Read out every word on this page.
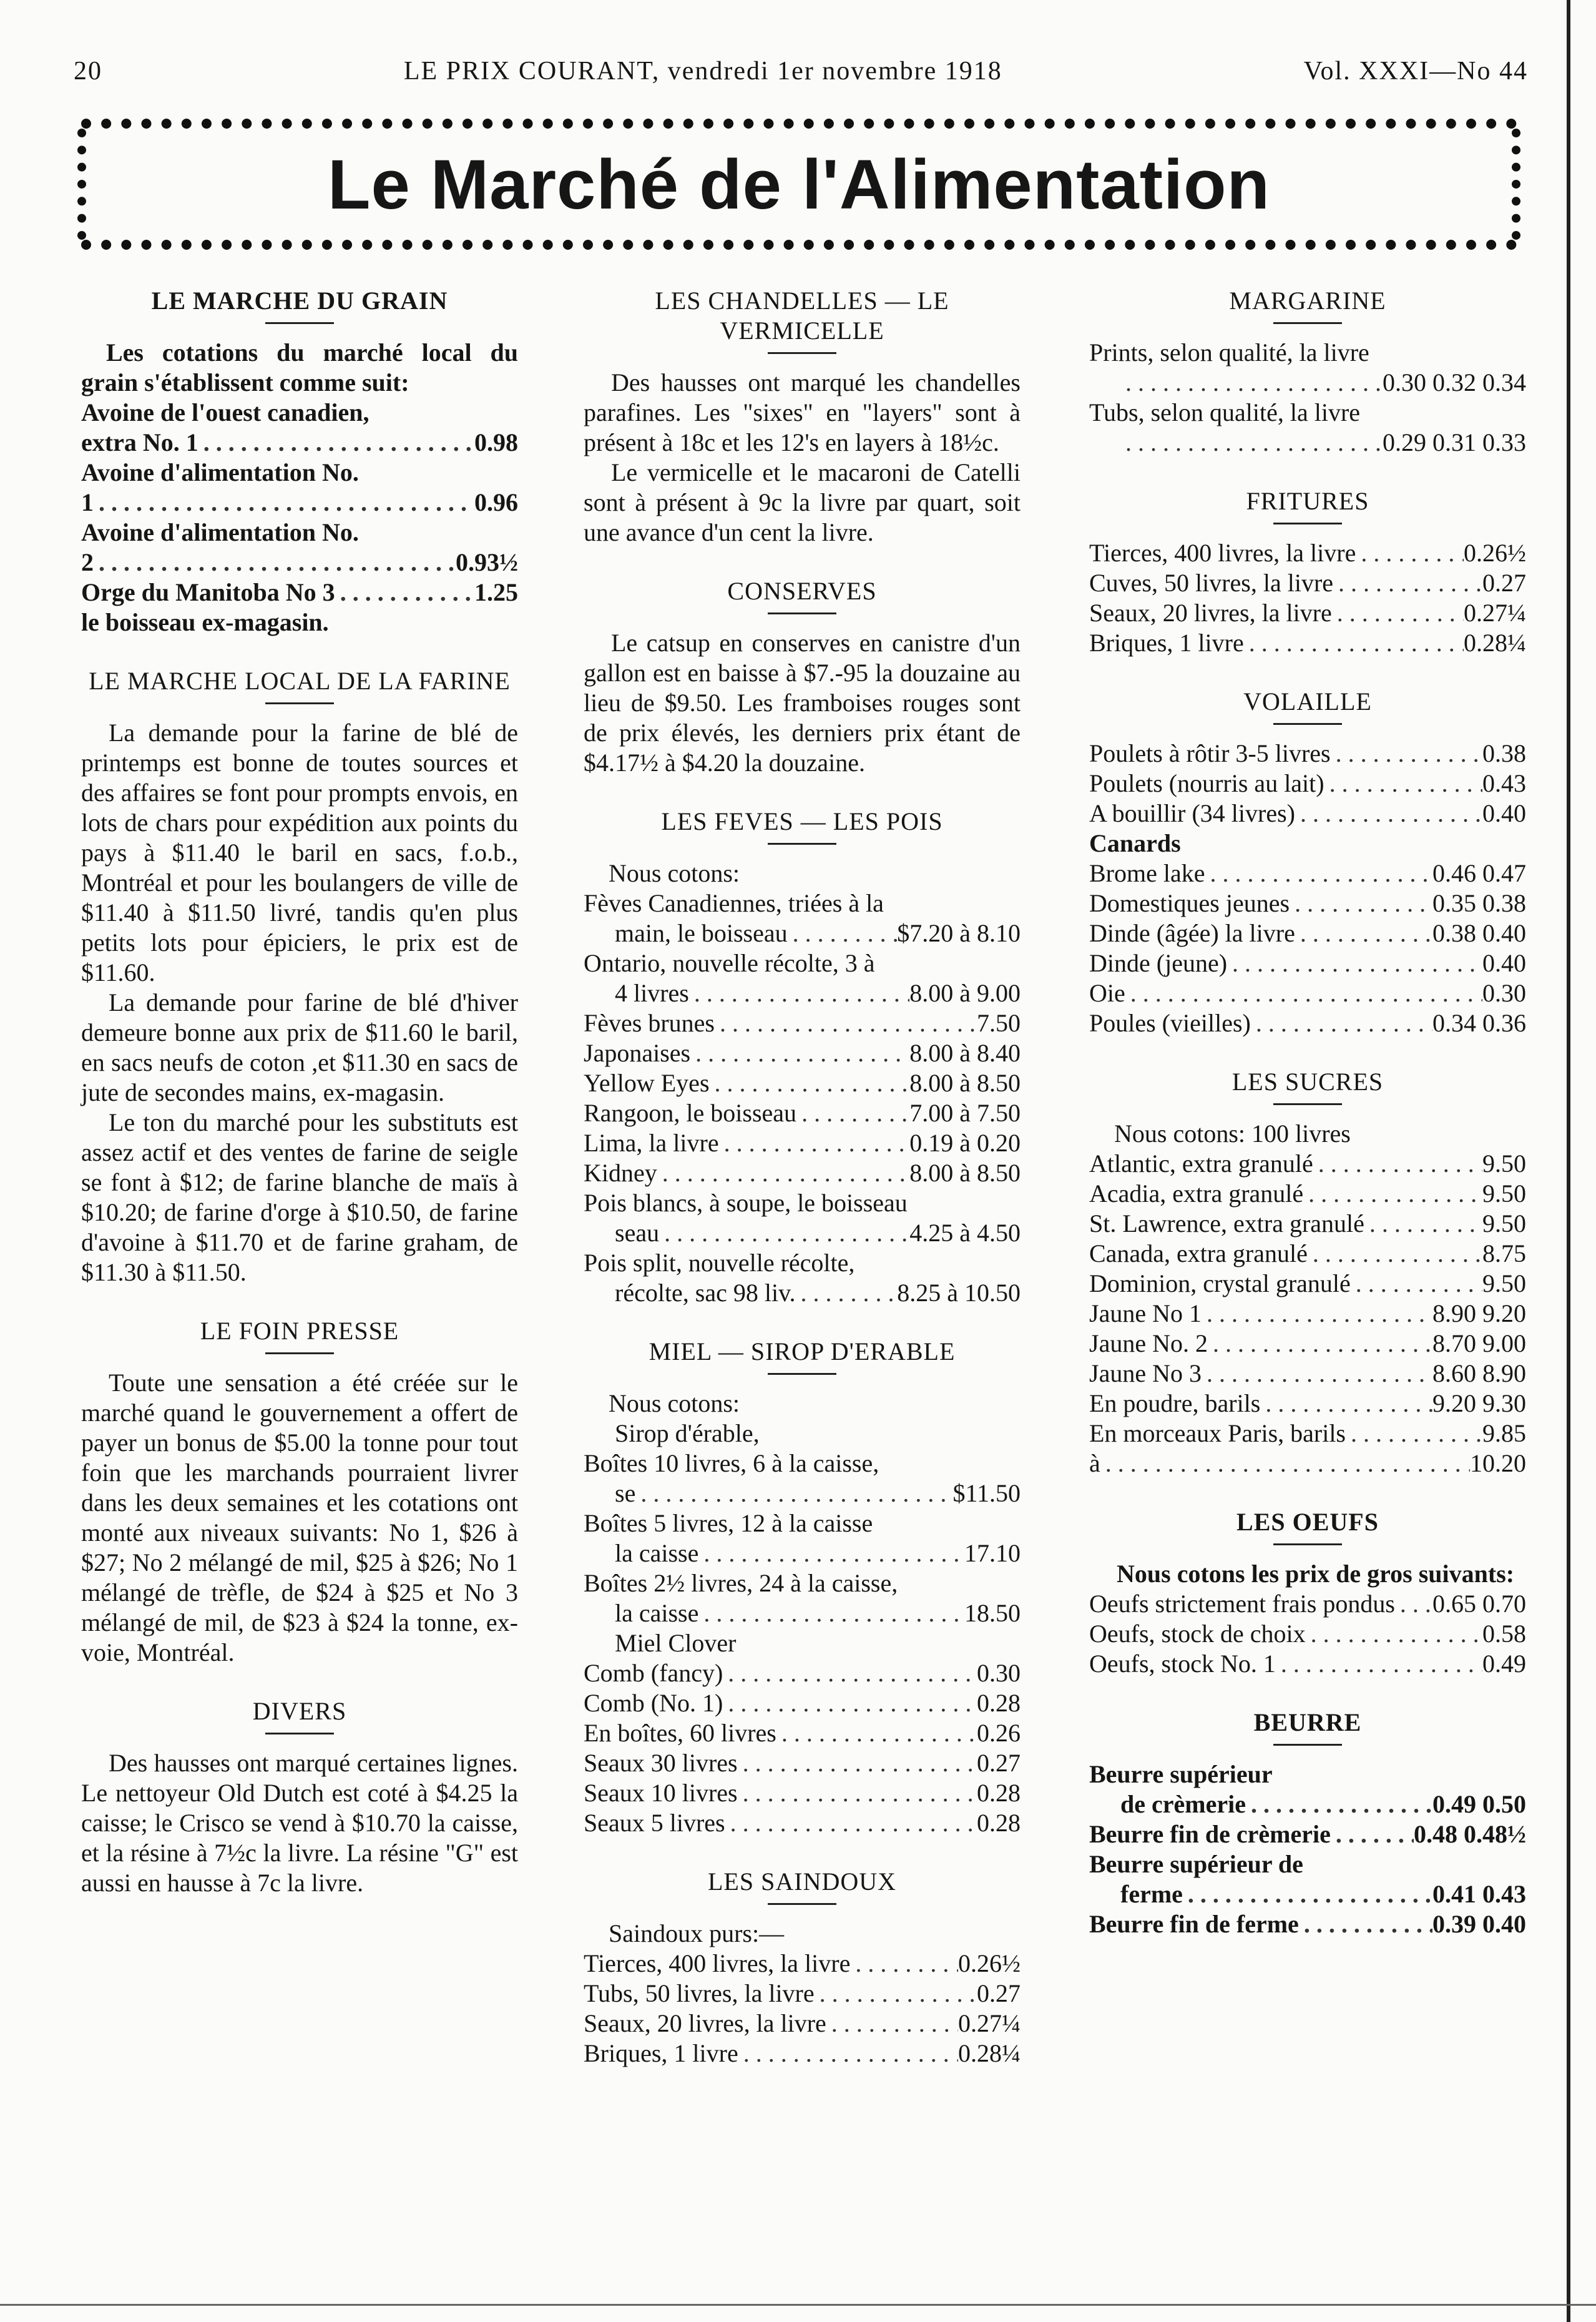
20	LE PRIX COURANT, vendredi 1er novembre 1918	Vol. XXXI—No 44
Le Marché de l'Alimentation
LE MARCHE DU GRAIN

Les cotations du marché local du grain s'établissent comme suit:

Avoine de l'ouest canadien,
extra No. 1 . . .	0.98
Avoine d'alimentation No.
1 . . .	0.96
Avoine d'alimentation No.
2 . . .	0.93½
Orge du Manitoba No 3 . . .	1.25
le boisseau ex-magasin.
LE MARCHE LOCAL DE LA FARINE

La demande pour la farine de blé de printemps est bonne de toutes sources et des affaires se font pour prompts envois, en lots de chars pour expédition aux points du pays à $11.40 le baril en sacs, f.o.b., Montréal et pour les boulangers de ville de $11.40 à $11.50 livré, tandis qu'en plus petits lots pour épiciers, le prix est de $11.60.

La demande pour farine de blé d'hiver demeure bonne aux prix de $11.60 le baril, en sacs neufs de coton ,et $11.30 en sacs de jute de secondes mains, ex-magasin.

Le ton du marché pour les substituts est assez actif et des ventes de farine de seigle se font à $12; de farine blanche de maïs à $10.20; de farine d'orge à $10.50, de farine d'avoine à $11.70 et de farine graham, de $11.30 à $11.50.

LE FOIN PRESSE

Toute une sensation a été créée sur le marché quand le gouvernement a offert de payer un bonus de $5.00 la tonne pour tout foin que les marchands pourraient livrer dans les deux semaines et les cotations ont monté aux niveaux suivants: No 1, $26 à $27; No 2 mélangé de mil, $25 à $26; No 1 mélangé de trèfle, de $24 à $25 et No 3 mélangé de mil, de $23 à $24 la tonne, ex-voie, Montréal.

DIVERS

Des hausses ont marqué certaines lignes. Le nettoyeur Old Dutch est coté à $4.25 la caisse; le Crisco se vend à $10.70 la caisse, et la résine à 7½c la livre. La résine "G" est aussi en hausse à 7c la livre.

LES CHANDELLES — LE VERMICELLE

Des hausses ont marqué les chandelles parafines. Les "sixes" en "layers" sont à présent à 18c et les 12's en layers à 18½c.

Le vermicelle et le macaroni de Catelli sont à présent à 9c la livre par quart, soit une avance d'un cent la livre.

CONSERVES

Le catsup en conserves en canistre d'un gallon est en baisse à $7.-95 la douzaine au lieu de $9.50. Les framboises rouges sont de prix élevés, les derniers prix étant de $4.17½ à $4.20 la douzaine.

LES FEVES — LES POIS
Nous cotons:
Fèves Canadiennes, triées à la
main, le boisseau . . .	$7.20 à 8.10
Ontario, nouvelle récolte, 3 à
4 livres . . .	8.00 à 9.00
Fèves brunes . . .	7.50
Japonaises . . .	8.00 à 8.40
Yellow Eyes . . .	8.00 à 8.50
Rangoon, le boisseau . . .	7.00 à 7.50
Lima, la livre . . .	0.19 à 0.20
Kidney . . .	8.00 à 8.50
Pois blancs, à soupe, le boisseau
seau . . .	4.25 à 4.50
Pois split, nouvelle récolte,
récolte, sac 98 liv. . . .	8.25 à 10.50
MIEL — SIROP D'ERABLE
Nous cotons:
Sirop d'érable,
Boîtes 10 livres, 6 à la caisse,
se . . .	$11.50
Boîtes 5 livres, 12 à la caisse
la caisse . . .	17.10
Boîtes 2½ livres, 24 à la caisse,
la caisse . . .	18.50
Miel Clover
Comb (fancy) . . .	0.30
Comb (No. 1) . . .	0.28
En boîtes, 60 livres . . .	0.26
Seaux 30 livres . . .	0.27
Seaux 10 livres . . .	0.28
Seaux 5 livres . . .	0.28
LES SAINDOUX
Saindoux purs:—
Tierces, 400 livres, la livre . . .	0.26½
Tubs, 50 livres, la livre . . .	0.27
Seaux, 20 livres, la livre . . .	0.27¼
Briques, 1 livre . . .	0.28¼
MARGARINE
Prints, selon qualité, la livre
. . .
0.30 0.32 0.34
Tubs, selon qualité, la livre
. . .
0.29 0.31 0.33
FRITURES
Tierces, 400 livres, la livre . . .	0.26½
Cuves, 50 livres, la livre . . .	0.27
Seaux, 20 livres, la livre . . .	0.27¼
Briques, 1 livre . . .	0.28¼
VOLAILLE
Poulets à rôtir 3-5 livres . . .	0.38
Poulets (nourris au lait) . . .	0.43
A bouillir (34 livres) . . .	0.40
Canards
Brome lake . . .	0.46 0.47
Domestiques jeunes . . .	0.35 0.38
Dinde (âgée) la livre . . .	0.38 0.40
Dinde (jeune) . . .	0.40
Oie . . .	0.30
Poules (vieilles) . . .	0.34 0.36
LES SUCRES
Nous cotons: 100 livres
Atlantic, extra granulé . . .	9.50
Acadia, extra granulé . . .	9.50
St. Lawrence, extra granulé . . .	9.50
Canada, extra granulé . . .	8.75
Dominion, crystal granulé . . .	9.50
Jaune No 1 . . .	8.90 9.20
Jaune No. 2 . . .	8.70 9.00
Jaune No 3 . . .	8.60 8.90
En poudre, barils . . .	9.20 9.30
En morceaux Paris, barils . . .	9.85
à . . .	10.20
LES OEUFS

Nous cotons les prix de gros suivants:

Oeufs strictement frais pondus . . . 0.65 0.70
Oeufs, stock de choix . . .	0.58
Oeufs, stock No. 1 . . .	0.49
BEURRE
Beurre supérieur
de crèmerie . . .	0.49 0.50
Beurre fin de crèmerie . . .	0.48 0.48½
Beurre supérieur de
ferme . . .	0.41 0.43
Beurre fin de ferme . . .	0.39 0.40
